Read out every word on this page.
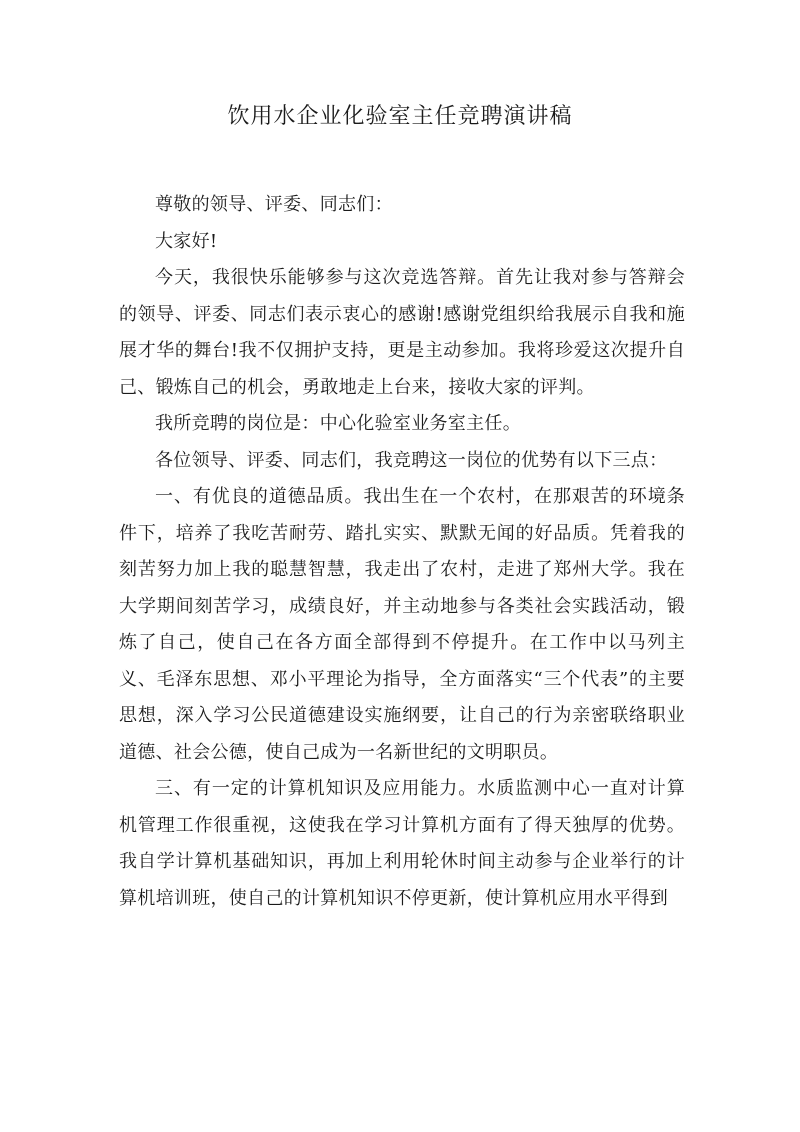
饮用水企业化验室主任竞聘演讲稿

尊敬的领导、评委、同志们：

大家好!

今天，我很快乐能够参与这次竞选答辩。首先让我对参与答辩会的领导、评委、同志们表示衷心的感谢!感谢党组织给我展示自我和施展才华的舞台!我不仅拥护支持，更是主动参加。我将珍爱这次提升自己、锻炼自己的机会，勇敢地走上台来，接收大家的评判。

我所竞聘的岗位是：中心化验室业务室主任。

各位领导、评委、同志们，我竞聘这一岗位的优势有以下三点：

一、有优良的道德品质。我出生在一个农村，在那艰苦的环境条件下，培养了我吃苦耐劳、踏扎实实、默默无闻的好品质。凭着我的刻苦努力加上我的聪慧智慧，我走出了农村，走进了郑州大学。我在大学期间刻苦学习，成绩良好，并主动地参与各类社会实践活动，锻炼了自己，使自己在各方面全部得到不停提升。在工作中以马列主义、毛泽东思想、邓小平理论为指导，全方面落实“三个代表”的主要思想，深入学习公民道德建设实施纲要，让自己的行为亲密联络职业道德、社会公德，使自己成为一名新世纪的文明职员。

三、有一定的计算机知识及应用能力。水质监测中心一直对计算机管理工作很重视，这使我在学习计算机方面有了得天独厚的优势。我自学计算机基础知识，再加上利用轮休时间主动参与企业举行的计算机培训班，使自己的计算机知识不停更新，使计算机应用水平得到
